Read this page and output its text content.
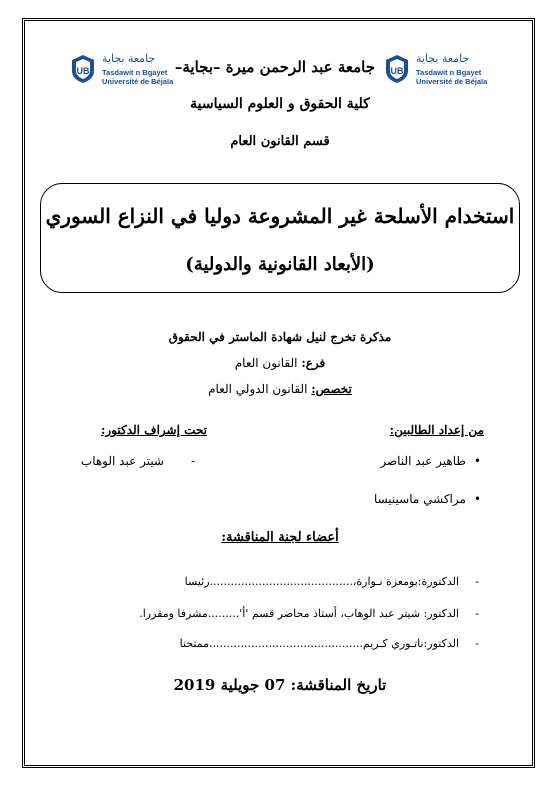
UB
جامعة بجاية
Tasdawit n Bgayet
Université de Béjaïa
UB
جامعة بجاية
Tasdawit n Bgayet
Université de Béjaïa
جامعة عبد الرحمن ميرة –بجاية–
كلية الحقوق و العلوم السياسية
قسم القانون العام
استخدام الأسلحة غير المشروعة دوليا في النزاع السوري
(الأبعاد القانونية والدولية)
مذكرة تخرج لنيل شهادة الماستر في الحقوق
فرع: القانون العام
تخصص: القانون الدولي العام
من إعداد الطالبين:
• طاهير عبد الناصر
• مراكشي ماسينيسا
تحت إشراف الدكتور:
-
شيتر عبد الوهاب
أعضاء لجنة المناقشة:
-
الدكتورة:بومعزة نـوارة،.........................................رئيسا
-
الدكتور: شيتر عبد الوهاب، أستاذ محاضر قسم 'أ'.........مشرفا ومقررا.
-
الدكتور:ناتـوري كـريم............................................ممتحنا
تاريخ المناقشة: 07 جويلية 2019
